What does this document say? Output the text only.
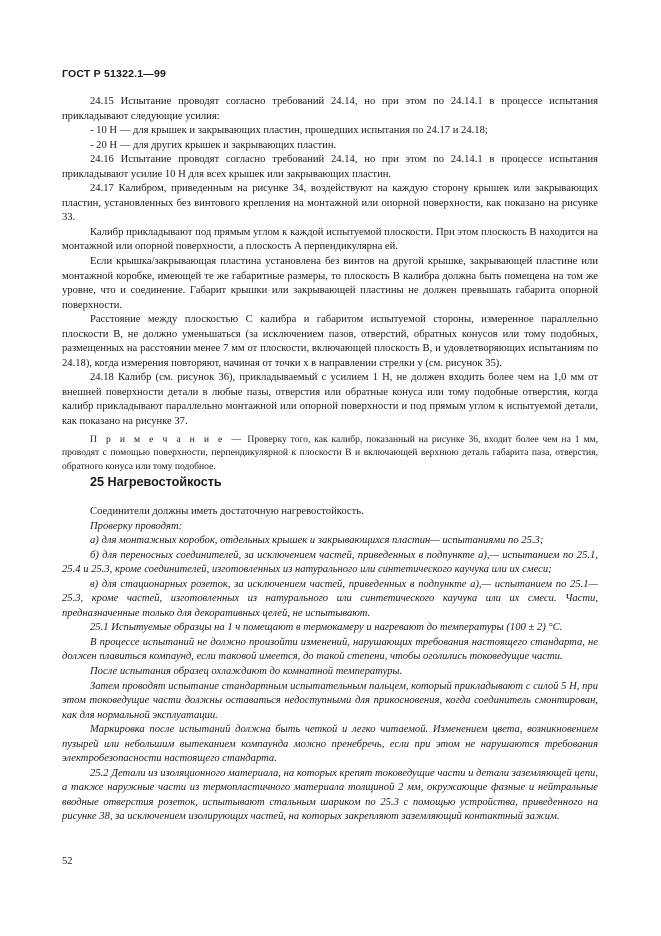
ГОСТ Р 51322.1—99

24.15 Испытание проводят согласно требований 24.14, но при этом по 24.14.1 в процессе испытания прикладывают следующие усилия:

- 10 Н — для крышек и закрывающих пластин, прошедших испытания по 24.17 и 24.18;

- 20 Н — для других крышек и закрывающих пластин.

24.16 Испытание проводят согласно требований 24.14, но при этом по 24.14.1 в процессе испытания прикладывают усилие 10 Н для всех крышек или закрывающих пластин.

24.17 Калибром, приведенным на рисунке 34, воздействуют на каждую сторону крышек или закрывающих пластин, установленных без винтового крепления на монтажной или опорной поверхности, как показано на рисунке 33.

Калибр прикладывают под прямым углом к каждой испытуемой плоскости. При этом плоскость B находится на монтажной или опорной поверхности, а плоскость A перпендикулярна ей.

Если крышка/закрывающая пластина установлена без винтов на другой крышке, закрывающей пластине или монтажной коробке, имеющей те же габаритные размеры, то плоскость B калибра должна быть помещена на том же уровне, что и соединение. Габарит крышки или закрывающей пластины не должен превышать габарита опорной поверхности.

Расстояние между плоскостью C калибра и габаритом испытуемой стороны, измеренное параллельно плоскости B, не должно уменьшаться (за исключением пазов, отверстий, обратных конусов или тому подобных, размещенных на расстоянии менее 7 мм от плоскости, включающей плоскость B, и удовлетворяющих испытаниям по 24.18), когда измерения повторяют, начиная от точки x в направлении стрелки y (см. рисунок 35).

24.18 Калибр (см. рисунок 36), прикладываемый с усилием 1 Н, не должен входить более чем на 1,0 мм от внешней поверхности детали в любые пазы, отверстия или обратные конуса или тому подобные отверстия, когда калибр прикладывают параллельно монтажной или опорной поверхности и под прямым углом к испытуемой детали, как показано на рисунке 37.

П р и м е ч а н и е — Проверку того, как калибр, показанный на рисунке 36, входит более чем на 1 мм, проводят с помощью поверхности, перпендикулярной к плоскости B и включающей верхнюю деталь габарита паза, отверстия, обратного конуса или тому подобное.

25 Нагревостойкость

Соединители должны иметь достаточную нагревостойкость.

Проверку проводят:

а) для монтажных коробок, отдельных крышек и закрывающихся пластин— испытаниями по 25.3;

б) для переносных соединителей, за исключением частей, приведенных в подпункте а),— испытанием по 25.1, 25.4 и 25.3, кроме соединителей, изготовленных из натурального или синтетического каучука или их смеси;

в) для стационарных розеток, за исключением частей, приведенных в подпункте а),— испытанием по 25.1— 25.3, кроме частей, изготовленных из натурального или синтетического каучука или их смеси. Части, предназначенные только для декоративных целей, не испытывают.

25.1 Испытуемые образцы на 1 ч помещают в термокамеру и нагревают до температуры (100 ± 2) °С.

В процессе испытаний не должно произойти изменений, нарушающих требования настоящего стандарта, не должен плавиться компаунд, если таковой имеется, до такой степени, чтобы оголились токоведущие части.

После испытания образец охлаждают до комнатной температуры.

Затем проводят испытание стандартным испытательным пальцем, который прикладывают с силой 5 Н, при этом токоведущие части должны оставаться недоступными для прикосновения, когда соединитель смонтирован, как для нормальной эксплуатации.

Маркировка после испытаний должна быть четкой и легко читаемой. Изменением цвета, возникновением пузырей или небольшим вытеканием компаунда можно пренебречь, если при этом не нарушаются требования электробезопасности настоящего стандарта.

25.2 Детали из изоляционного материала, на которых крепят токоведущие части и детали заземляющей цепи, а также наружные части из термопластичного материала толщиной 2 мм, окружающие фазные и нейтральные вводные отверстия розеток, испытывают стальным шариком по 25.3 с помощью устройства, приведенного на рисунке 38, за исключением изолирующих частей, на которых закрепляют заземляющий контактный зажим.

52
